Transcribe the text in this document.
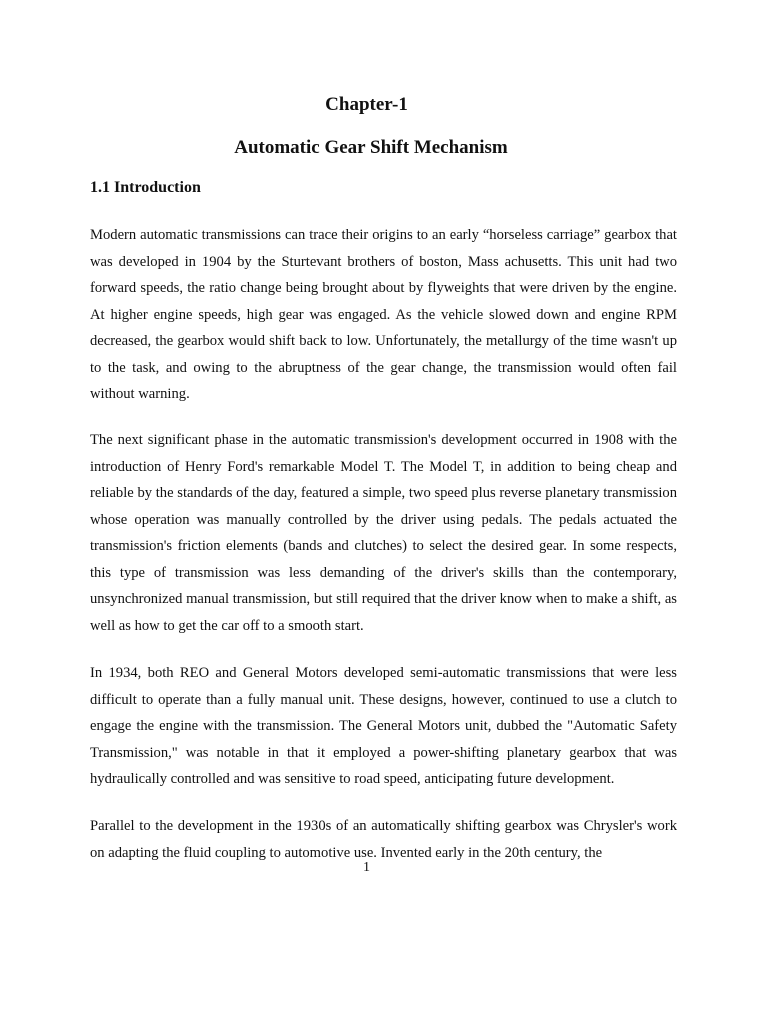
Chapter-1
Automatic Gear Shift Mechanism
1.1 Introduction

Modern automatic transmissions can trace their origins to an early “horseless carriage” gearbox that was developed in 1904 by the Sturtevant brothers of boston, Mass achusetts. This unit had two forward speeds, the ratio change being brought about by flyweights that were driven by the engine. At higher engine speeds, high gear was engaged. As the vehicle slowed down and engine RPM decreased, the gearbox would shift back to low. Unfortunately, the metallurgy of the time wasn't up to the task, and owing to the abruptness of the gear change, the transmission would often fail without warning.

The next significant phase in the automatic transmission's development occurred in 1908 with the introduction of Henry Ford's remarkable Model T. The Model T, in addition to being cheap and reliable by the standards of the day, featured a simple, two speed plus reverse planetary transmission whose operation was manually controlled by the driver using pedals. The pedals actuated the transmission's friction elements (bands and clutches) to select the desired gear. In some respects, this type of transmission was less demanding of the driver's skills than the contemporary, unsynchronized manual transmission, but still required that the driver know when to make a shift, as well as how to get the car off to a smooth start.

In 1934, both REO and General Motors developed semi-automatic transmissions that were less difficult to operate than a fully manual unit. These designs, however, continued to use a clutch to engage the engine with the transmission. The General Motors unit, dubbed the "Automatic Safety Transmission," was notable in that it employed a power-shifting planetary gearbox that was hydraulically controlled and was sensitive to road speed, anticipating future development.

Parallel to the development in the 1930s of an automatically shifting gearbox was Chrysler's work on adapting the fluid coupling to automotive use. Invented early in the 20th century, the

1
